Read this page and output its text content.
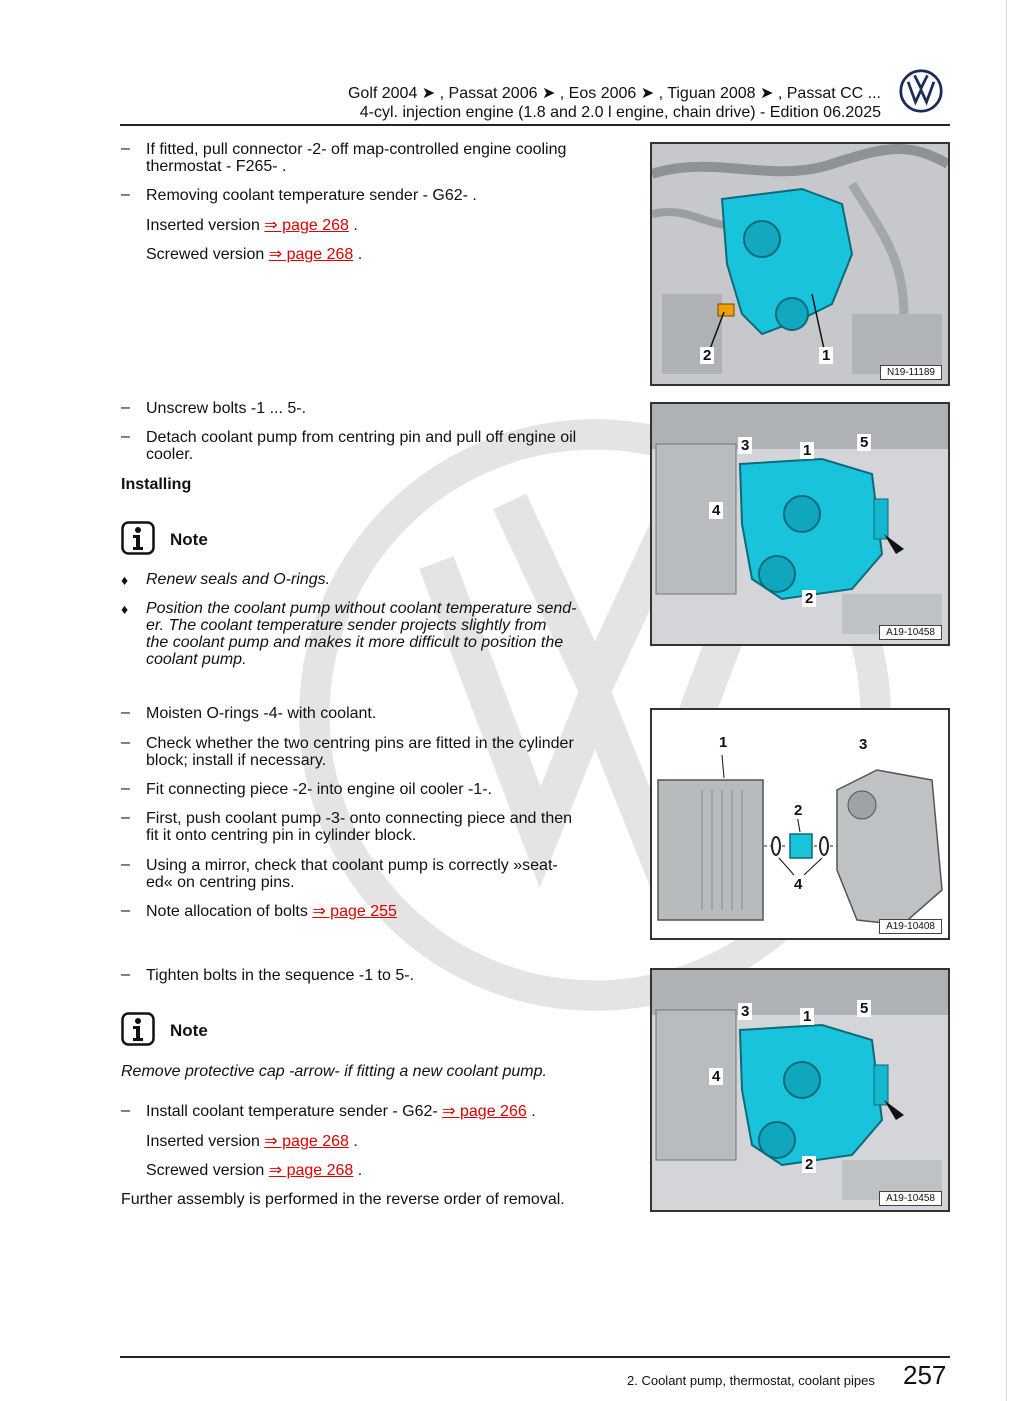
Golf 2004 ➤ , Passat 2006 ➤ , Eos 2006 ➤ , Tiguan 2008 ➤ , Passat CC ...
4-cyl. injection engine (1.8 and 2.0 l engine, chain drive) - Edition 06.2025
– If fitted, pull connector -2- off map-controlled engine cooling
thermostat - F265- .
– Removing coolant temperature sender - G62- .
Inserted version ⇒ page 268 .
Screwed version ⇒ page 268 .
– Unscrew bolts -1 ... 5-.
– Detach coolant pump from centring pin and pull off engine oil
cooler.
Installing
Note
♦ Renew seals and O-rings.
♦ Position the coolant pump without coolant temperature send-
er. The coolant temperature sender projects slightly from
the coolant pump and makes it more difficult to position the
coolant pump.
– Moisten O-rings -4- with coolant.
– Check whether the two centring pins are fitted in the cylinder
block; install if necessary.
– Fit connecting piece -2- into engine oil cooler -1-.
– First, push coolant pump -3- onto connecting piece and then
fit it onto centring pin in cylinder block.
– Using a mirror, check that coolant pump is correctly »seat-
ed« on centring pins.
– Note allocation of bolts ⇒ page 255
– Tighten bolts in the sequence -1 to 5-.
Note
Remove protective cap -arrow- if fitting a new coolant pump.
– Install coolant temperature sender - G62- ⇒ page 266 .
Inserted version ⇒ page 268 .
Screwed version ⇒ page 268 .
Further assembly is performed in the reverse order of removal.
2	1
N19-11189
3	1	5
4
2
A19-10458
1
2
3
4
A19-10408
3	1	5
4
2
A19-10458
2. Coolant pump, thermostat, coolant pipes 257
